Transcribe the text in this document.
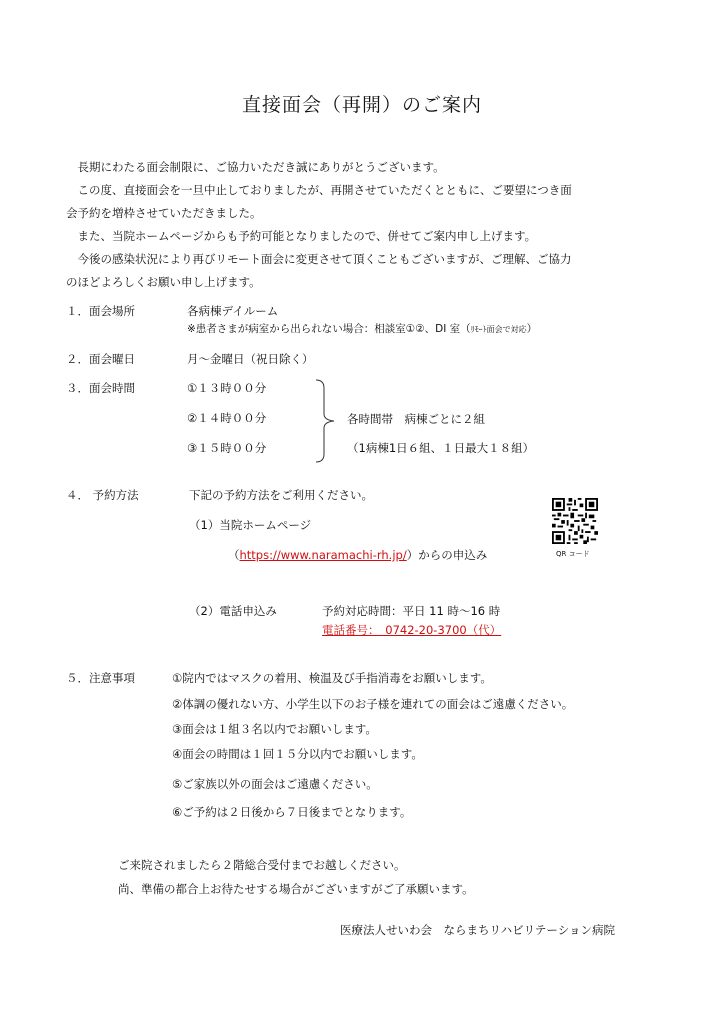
直接面会（再開）のご案内
　長期にわたる面会制限に、ご協力いただき誠にありがとうございます。
　この度、直接面会を一旦中止しておりましたが、再開させていただくとともに、ご要望につき面
会予約を増枠させていただきました。
　また、当院ホームページからも予約可能となりましたので、併せてご案内申し上げます。
　今後の感染状況により再びリモート面会に変更させて頂くこともございますが、ご理解、ご協力
のほどよろしくお願い申し上げます。
１．面会場所	各病棟デイルーム
※患者さまが病室から出られない場合：相談室①②、DI 室（ﾘﾓｰﾄ面会で対応）
２．面会曜日	月～金曜日（祝日除く）
３．面会時間	①１３時００分
②１４時００分
③１５時００分
各時間帯　病棟ごとに２組
（1病棟1日６組、１日最大１８組）
４． 予約方法	下記の予約方法をご利用ください。
（1）当院ホームページ
（https://www.naramachi-rh.jp/）からの申込み	QR コード
（2）電話申込み	予約対応時間：平日 11 時～16 時
電話番号：　0742-20-3700（代）
５．注意事項	①院内ではマスクの着用、検温及び手指消毒をお願いします。
②体調の優れない方、小学生以下のお子様を連れての面会はご遠慮ください。
③面会は１組３名以内でお願いします。
④面会の時間は１回１５分以内でお願いします。
⑤ご家族以外の面会はご遠慮ください。
⑥ご予約は２日後から７日後までとなります。
ご来院されましたら２階総合受付までお越しください。
尚、準備の都合上お待たせする場合がございますがご了承願います。
医療法人せいわ会　ならまちリハビリテーション病院
